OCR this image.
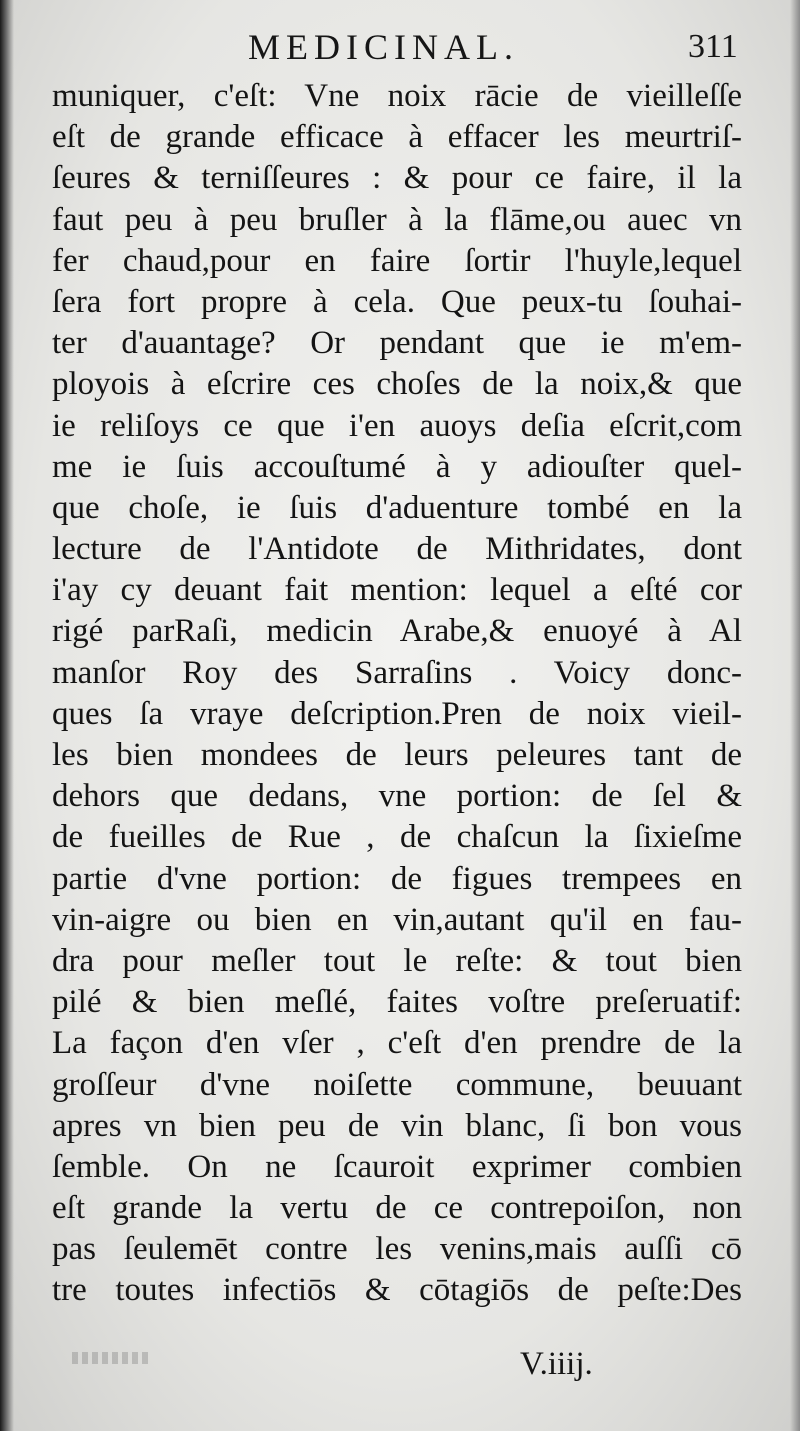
MEDICINAL.	311
muniquer, c'eſt: Vne noix rācie de vieilleſſe
eſt de grande efficace à effacer les meurtriſ-
ſeures & terniſſeures : & pour ce faire, il la
faut peu à peu bruſler à la flāme,ou auec vn
fer chaud,pour en faire ſortir l'huyle,lequel
ſera fort propre à cela. Que peux-tu ſouhai-
ter d'auantage? Or pendant que ie m'em-
ployois à eſcrire ces choſes de la noix,& que
ie reliſoys ce que i'en auoys deſia eſcrit,com
me ie ſuis accouſtumé à y adiouſter quel-
que choſe, ie ſuis d'aduenture tombé en la
lecture de l'Antidote de Mithridates, dont
i'ay cy deuant fait mention: lequel a eſté cor
rigé parRaſi, medicin Arabe,& enuoyé à Al
manſor Roy des Sarraſins . Voicy donc-
ques ſa vraye deſcription.Pren de noix vieil-
les bien mondees de leurs peleures tant de
dehors que dedans, vne portion: de ſel &
de fueilles de Rue , de chaſcun la ſixieſme
partie d'vne portion: de figues trempees en
vin-aigre ou bien en vin,autant qu'il en fau-
dra pour meſler tout le reſte: & tout bien
pilé & bien meſlé, faites voſtre preſeruatif:
La façon d'en vſer , c'eſt d'en prendre de la
groſſeur d'vne noiſette commune, beuuant
apres vn bien peu de vin blanc, ſi bon vous
ſemble. On ne ſcauroit exprimer combien
eſt grande la vertu de ce contrepoiſon, non
pas ſeulemēt contre les venins,mais auſſi cō
tre toutes infectiōs & cōtagiōs de peſte:Des
V.iiij.
